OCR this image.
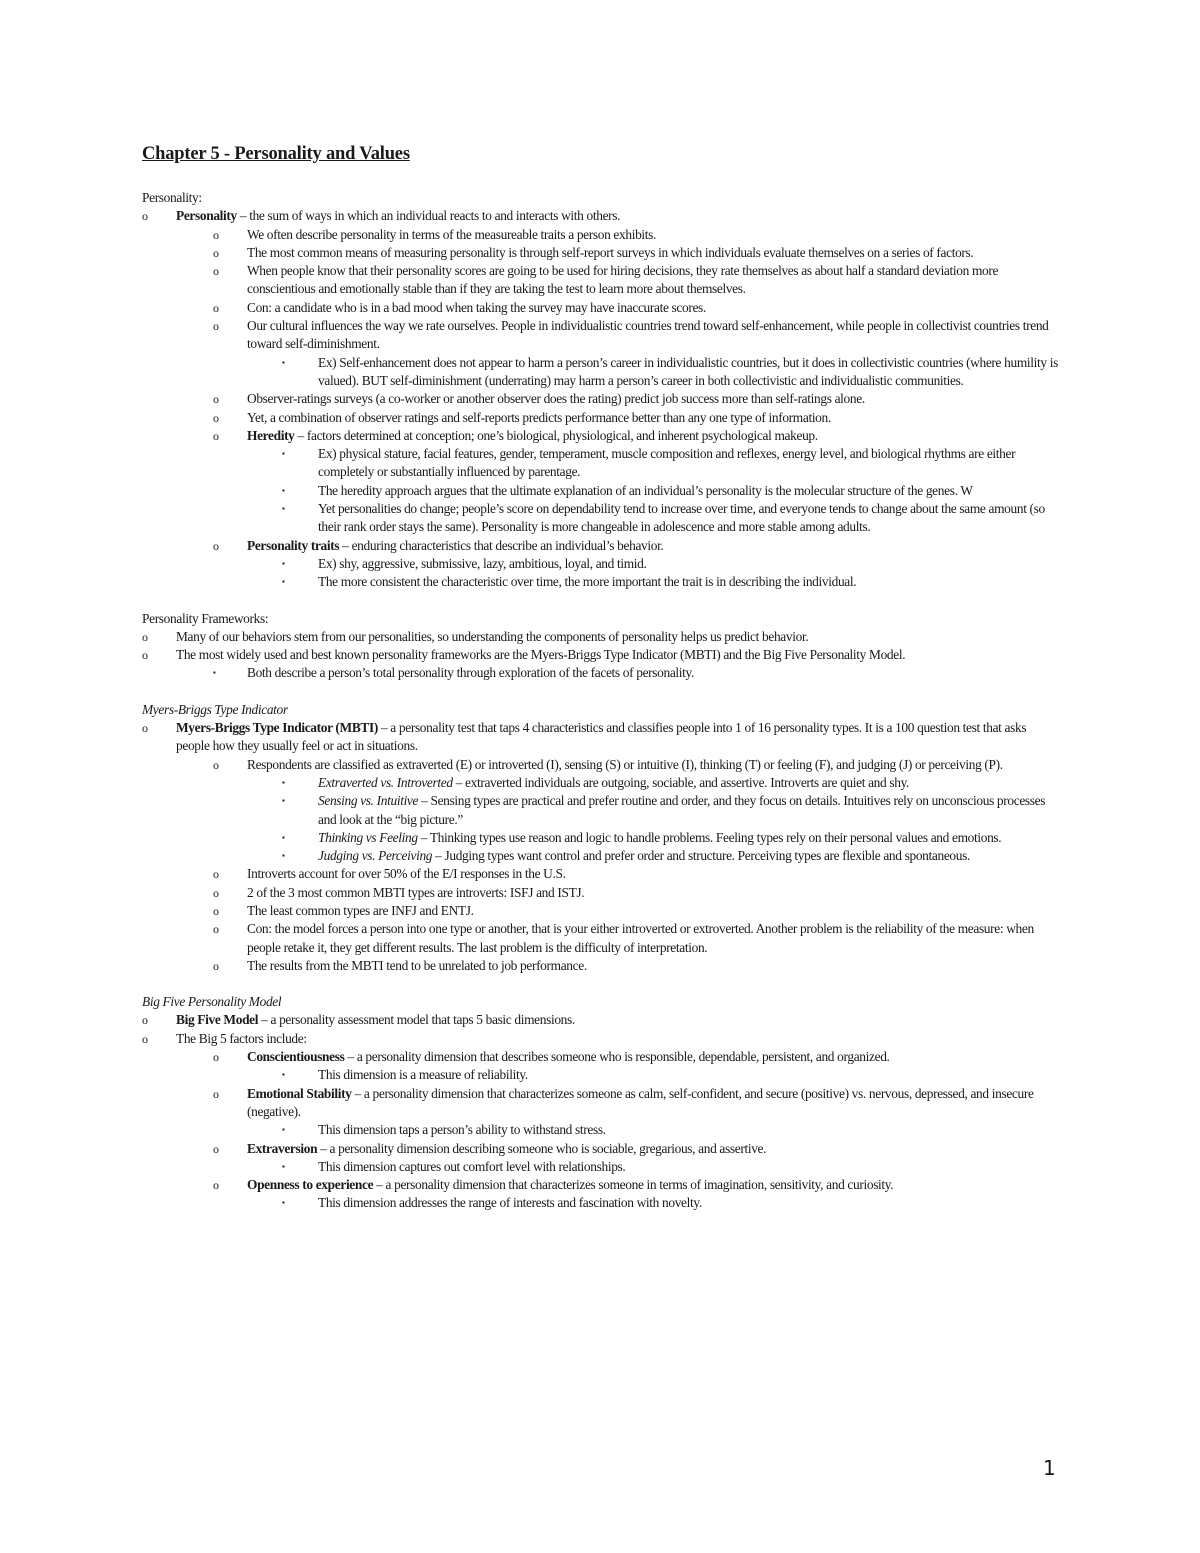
Chapter 5 - Personality and Values

Personality:

o Personality – the sum of ways in which an individual reacts to and interacts with others.

o We often describe personality in terms of the measureable traits a person exhibits.

o The most common means of measuring personality is through self-report surveys in which individuals evaluate themselves on a series of factors.

o When people know that their personality scores are going to be used for hiring decisions, they rate themselves as about half a standard deviation more conscientious and emotionally stable than if they are taking the test to learn more about themselves.

o Con: a candidate who is in a bad mood when taking the survey may have inaccurate scores.

o Our cultural influences the way we rate ourselves. People in individualistic countries trend toward self-enhancement, while people in collectivist countries trend toward self-diminishment.

▪	Ex) Self-enhancement does not appear to harm a person’s career in individualistic countries, but it does in collectivistic countries (where humility is valued). BUT self-diminishment (underrating) may harm a person’s career in both collectivistic and individualistic communities.

o Observer-ratings surveys (a co-worker or another observer does the rating) predict job success more than self-ratings alone.

o Yet, a combination of observer ratings and self-reports predicts performance better than any one type of information.

o Heredity – factors determined at conception; one’s biological, physiological, and inherent psychological makeup.

▪	Ex) physical stature, facial features, gender, temperament, muscle composition and reflexes, energy level, and biological rhythms are either completely or substantially influenced by parentage.

▪	The heredity approach argues that the ultimate explanation of an individual’s personality is the molecular structure of the genes. W

▪	Yet personalities do change; people’s score on dependability tend to increase over time, and everyone tends to change about the same amount (so their rank order stays the same). Personality is more changeable in adolescence and more stable among adults.

o Personality traits – enduring characteristics that describe an individual’s behavior.

▪	Ex) shy, aggressive, submissive, lazy, ambitious, loyal, and timid.

▪	The more consistent the characteristic over time, the more important the trait is in describing the individual.

Personality Frameworks:

o Many of our behaviors stem from our personalities, so understanding the components of personality helps us predict behavior.

o The most widely used and best known personality frameworks are the Myers-Briggs Type Indicator (MBTI) and the Big Five Personality Model.

▪ Both describe a person’s total personality through exploration of the facets of personality.

Myers-Briggs Type Indicator

o Myers-Briggs Type Indicator (MBTI) – a personality test that taps 4 characteristics and classifies people into 1 of 16 personality types. It is a 100 question test that asks people how they usually feel or act in situations.

o Respondents are classified as extraverted (E) or introverted (I), sensing (S) or intuitive (I), thinking (T) or feeling (F), and judging (J) or perceiving (P).

▪	Extraverted vs. Introverted – extraverted individuals are outgoing, sociable, and assertive. Introverts are quiet and shy.

▪	Sensing vs. Intuitive – Sensing types are practical and prefer routine and order, and they focus on details. Intuitives rely on unconscious processes and look at the “big picture.”

▪	Thinking vs Feeling – Thinking types use reason and logic to handle problems. Feeling types rely on their personal values and emotions.

▪	Judging vs. Perceiving – Judging types want control and prefer order and structure. Perceiving types are flexible and spontaneous.

o Introverts account for over 50% of the E/I responses in the U.S.

o 2 of the 3 most common MBTI types are introverts: ISFJ and ISTJ.

o The least common types are INFJ and ENTJ.

o Con: the model forces a person into one type or another, that is your either introverted or extroverted. Another problem is the reliability of the measure: when people retake it, they get different results. The last problem is the difficulty of interpretation.

o The results from the MBTI tend to be unrelated to job performance.

Big Five Personality Model

o Big Five Model – a personality assessment model that taps 5 basic dimensions.

o The Big 5 factors include:

o Conscientiousness – a personality dimension that describes someone who is responsible, dependable, persistent, and organized.

▪	This dimension is a measure of reliability.

o Emotional Stability – a personality dimension that characterizes someone as calm, self-confident, and secure (positive) vs. nervous, depressed, and insecure (negative).

▪	This dimension taps a person’s ability to withstand stress.

o Extraversion – a personality dimension describing someone who is sociable, gregarious, and assertive.

▪	This dimension captures out comfort level with relationships.

o Openness to experience – a personality dimension that characterizes someone in terms of imagination, sensitivity, and curiosity.

▪	This dimension addresses the range of interests and fascination with novelty.

1
